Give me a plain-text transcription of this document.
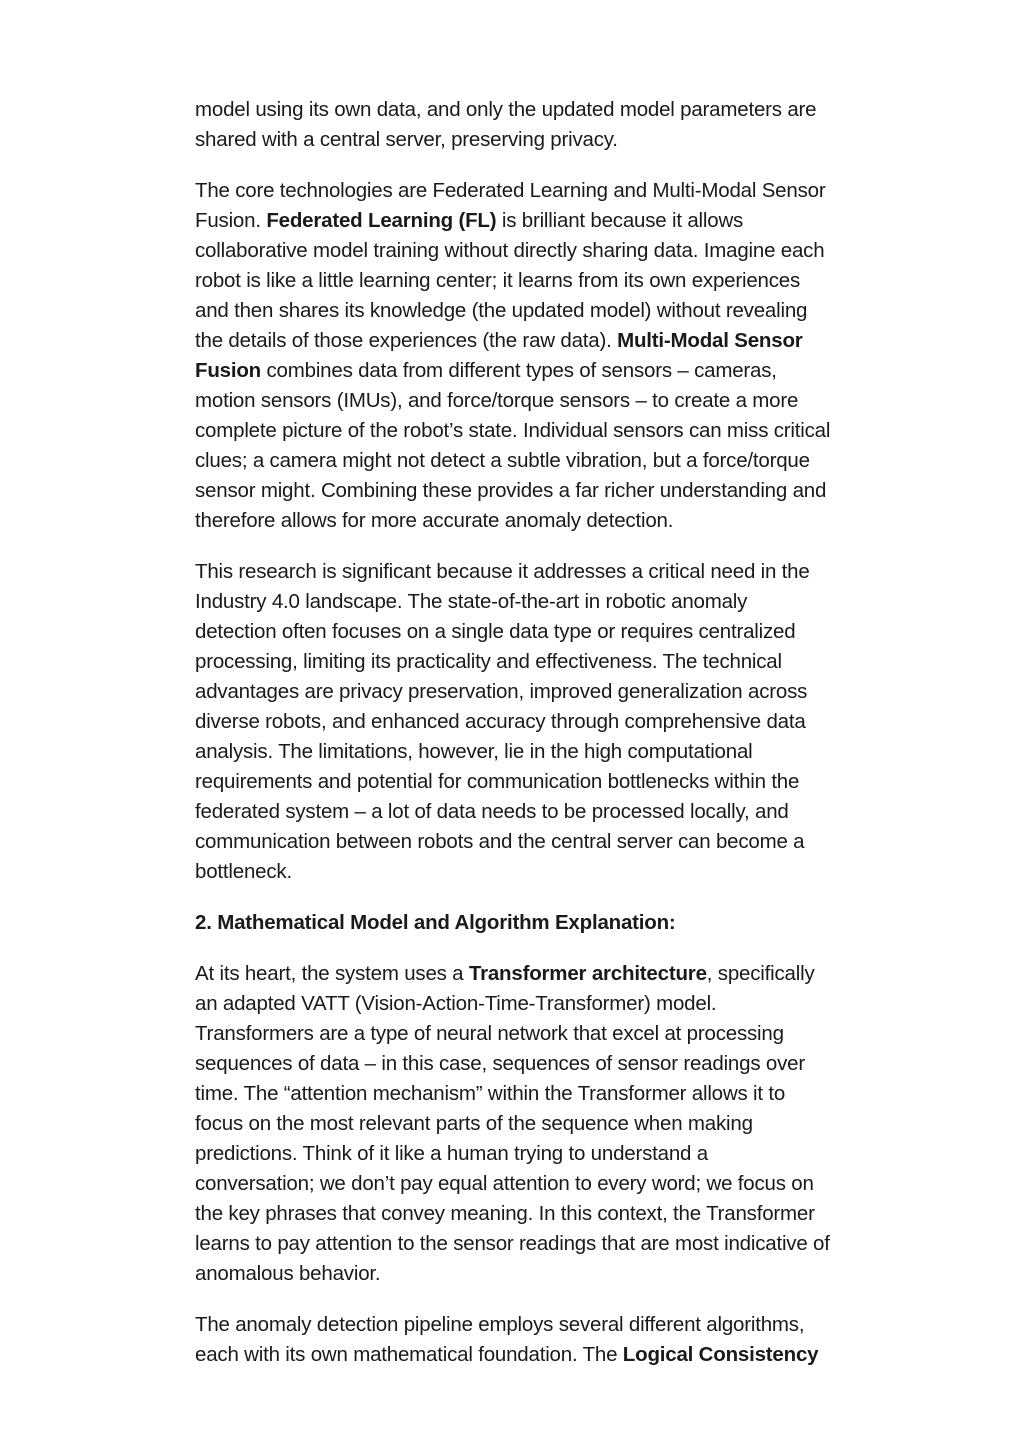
model using its own data, and only the updated model parameters are shared with a central server, preserving privacy.

The core technologies are Federated Learning and Multi-Modal Sensor Fusion. Federated Learning (FL) is brilliant because it allows collaborative model training without directly sharing data. Imagine each robot is like a little learning center; it learns from its own experiences and then shares its knowledge (the updated model) without revealing the details of those experiences (the raw data). Multi-Modal Sensor Fusion combines data from different types of sensors – cameras, motion sensors (IMUs), and force/torque sensors – to create a more complete picture of the robot’s state. Individual sensors can miss critical clues; a camera might not detect a subtle vibration, but a force/torque sensor might. Combining these provides a far richer understanding and therefore allows for more accurate anomaly detection.

This research is significant because it addresses a critical need in the Industry 4.0 landscape. The state-of-the-art in robotic anomaly detection often focuses on a single data type or requires centralized processing, limiting its practicality and effectiveness. The technical advantages are privacy preservation, improved generalization across diverse robots, and enhanced accuracy through comprehensive data analysis. The limitations, however, lie in the high computational requirements and potential for communication bottlenecks within the federated system – a lot of data needs to be processed locally, and communication between robots and the central server can become a bottleneck.

2. Mathematical Model and Algorithm Explanation:

At its heart, the system uses a Transformer architecture, specifically an adapted VATT (Vision-Action-Time-Transformer) model. Transformers are a type of neural network that excel at processing sequences of data – in this case, sequences of sensor readings over time. The “attention mechanism” within the Transformer allows it to focus on the most relevant parts of the sequence when making predictions. Think of it like a human trying to understand a conversation; we don’t pay equal attention to every word; we focus on the key phrases that convey meaning. In this context, the Transformer learns to pay attention to the sensor readings that are most indicative of anomalous behavior.

The anomaly detection pipeline employs several different algorithms, each with its own mathematical foundation. The Logical Consistency
